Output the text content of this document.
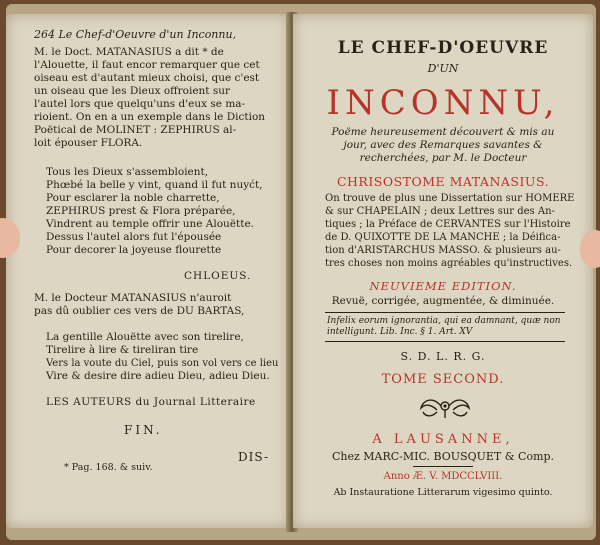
264 Le Chef-d'Oeuvre d'un Inconnu,
M. le Doct. MATANASIUS a dit * de
l'Alouette, il faut encor remarquer que cet
oiseau est d'autant mieux choisi, que c'est
un oiseau que les Dieux offroient sur
l'autel lors que quelqu'uns d'eux se ma-
rioient. On en a un exemple dans le Diction
Poëtical de MOLINET : ZEPHIRUS al-
loit épouser FLORA.
Tous les Dieux s'assembloient,
Phœbé la belle y vint, quand il fut nuyćt,
Pour esclarer la noble charrette,
ZEPHIRUS prest & Flora préparée,
Vindrent au temple offrir une Alouëtte.
Dessus l'autel alors fut l'épousée
Pour decorer la joyeuse flourette
CHLOEUS.
M. le Docteur MATANASIUS n'auroit
pas dû oublier ces vers de DU BARTAS,
La gentille Alouëtte avec son tirelire,
Tirelire à lire & tireliran tire
Vers la voute du Ciel, puis son vol vers ce lieu
Vire & desire dire adieu Dieu, adieu Dieu.
LES AUTEURS du Journal Litteraire
FIN.
* Pag. 168. & suiv.
DIS-
LE CHEF-D'OEUVRE
D'UN
INCONNU,
Poëme heureusement découvert & mis au
jour, avec des Remarques savantes &
recherchées, par M. le Docteur
CHRISOSTOME MATANASIUS.
On trouve de plus une Dissertation sur HOMERE
& sur CHAPELAIN ; deux Lettres sur des An-
tiques ; la Préface de CERVANTES sur l'Histoire
de D. QUIXOTTE DE LA MANCHE ; la Déifica-
tion d'ARISTARCHUS MASSO. & plusieurs au-
tres choses non moins agréables qu'instructives.
NEUVIEME EDITION.
Revuë, corrigée, augmentée, & diminuée.
Infelix eorum ignorantia, qui ea damnant, quæ non
intelligunt. Lib. Inc. § 1. Art. XV
S. D. L. R. G.
TOME SECOND.
A LAUSANNE,
Chez MARC-MIC. BOUSQUET & Comp.
Anno Æ. V. MDCCLVIII.
Ab Instauratione Litterarum vigesimo quinto.
